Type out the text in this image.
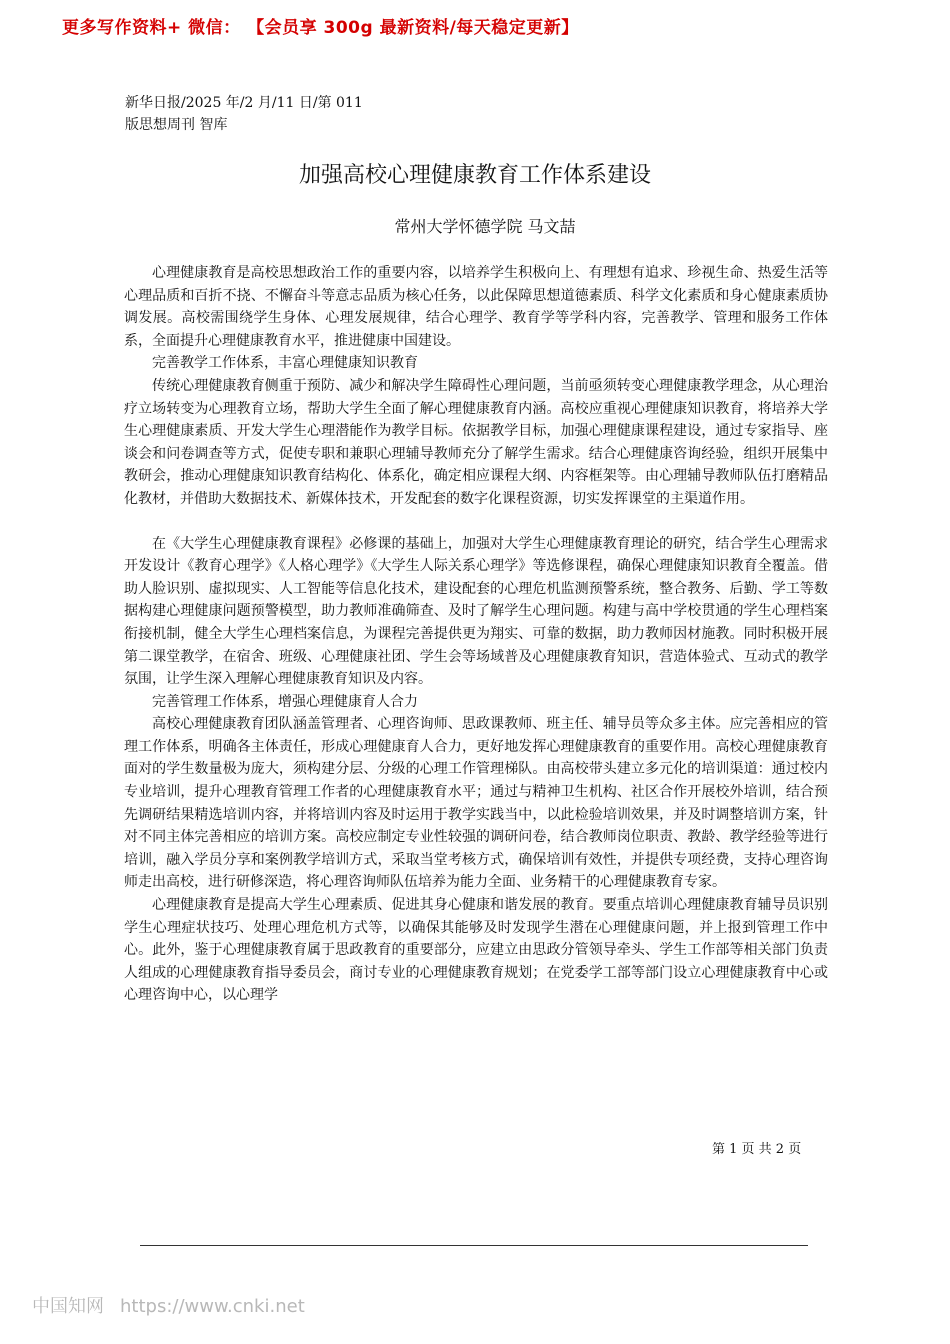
更多写作资料+ 微信： 【会员享 300g 最新资料/每天稳定更新】
新华日报/2025 年/2 月/11 日/第 011
版思想周刊 智库
加强高校心理健康教育工作体系建设
常州大学怀德学院 马文喆

心理健康教育是高校思想政治工作的重要内容，以培养学生积极向上、有理想有追求、珍视生命、热爱生活等心理品质和百折不挠、不懈奋斗等意志品质为核心任务，以此保障思想道德素质、科学文化素质和身心健康素质协调发展。高校需围绕学生身体、心理发展规律，结合心理学、教育学等学科内容，完善教学、管理和服务工作体系，全面提升心理健康教育水平，推进健康中国建设。

完善教学工作体系，丰富心理健康知识教育

传统心理健康教育侧重于预防、减少和解决学生障碍性心理问题，当前亟须转变心理健康教学理念，从心理治疗立场转变为心理教育立场，帮助大学生全面了解心理健康教育内涵。高校应重视心理健康知识教育，将培养大学生心理健康素质、开发大学生心理潜能作为教学目标。依据教学目标，加强心理健康课程建设，通过专家指导、座谈会和问卷调查等方式，促使专职和兼职心理辅导教师充分了解学生需求。结合心理健康咨询经验，组织开展集中教研会，推动心理健康知识教育结构化、体系化，确定相应课程大纲、内容框架等。由心理辅导教师队伍打磨精品化教材，并借助大数据技术、新媒体技术，开发配套的数字化课程资源，切实发挥课堂的主渠道作用。

在《大学生心理健康教育课程》必修课的基础上，加强对大学生心理健康教育理论的研究，结合学生心理需求开发设计《教育心理学》《人格心理学》《大学生人际关系心理学》等选修课程，确保心理健康知识教育全覆盖。借助人脸识别、虚拟现实、人工智能等信息化技术，建设配套的心理危机监测预警系统，整合教务、后勤、学工等数据构建心理健康问题预警模型，助力教师准确筛查、及时了解学生心理问题。构建与高中学校贯通的学生心理档案衔接机制，健全大学生心理档案信息，为课程完善提供更为翔实、可靠的数据，助力教师因材施教。同时积极开展第二课堂教学，在宿舍、班级、心理健康社团、学生会等场域普及心理健康教育知识，营造体验式、互动式的教学氛围，让学生深入理解心理健康教育知识及内容。

完善管理工作体系，增强心理健康育人合力

高校心理健康教育团队涵盖管理者、心理咨询师、思政课教师、班主任、辅导员等众多主体。应完善相应的管理工作体系，明确各主体责任，形成心理健康育人合力，更好地发挥心理健康教育的重要作用。高校心理健康教育面对的学生数量极为庞大，须构建分层、分级的心理工作管理梯队。由高校带头建立多元化的培训渠道：通过校内专业培训，提升心理教育管理工作者的心理健康教育水平；通过与精神卫生机构、社区合作开展校外培训，结合预先调研结果精选培训内容，并将培训内容及时运用于教学实践当中，以此检验培训效果，并及时调整培训方案，针对不同主体完善相应的培训方案。高校应制定专业性较强的调研问卷，结合教师岗位职责、教龄、教学经验等进行培训，融入学员分享和案例教学培训方式，采取当堂考核方式，确保培训有效性，并提供专项经费，支持心理咨询师走出高校，进行研修深造，将心理咨询师队伍培养为能力全面、业务精干的心理健康教育专家。

心理健康教育是提高大学生心理素质、促进其身心健康和谐发展的教育。要重点培训心理健康教育辅导员识别学生心理症状技巧、处理心理危机方式等，以确保其能够及时发现学生潜在心理健康问题，并上报到管理工作中心。此外，鉴于心理健康教育属于思政教育的重要部分，应建立由思政分管领导牵头、学生工作部等相关部门负责人组成的心理健康教育指导委员会，商讨专业的心理健康教育规划；在党委学工部等部门设立心理健康教育中心或心理咨询中心，以心理学

第 1 页 共 2 页
中国知网 https://www.cnki.net
